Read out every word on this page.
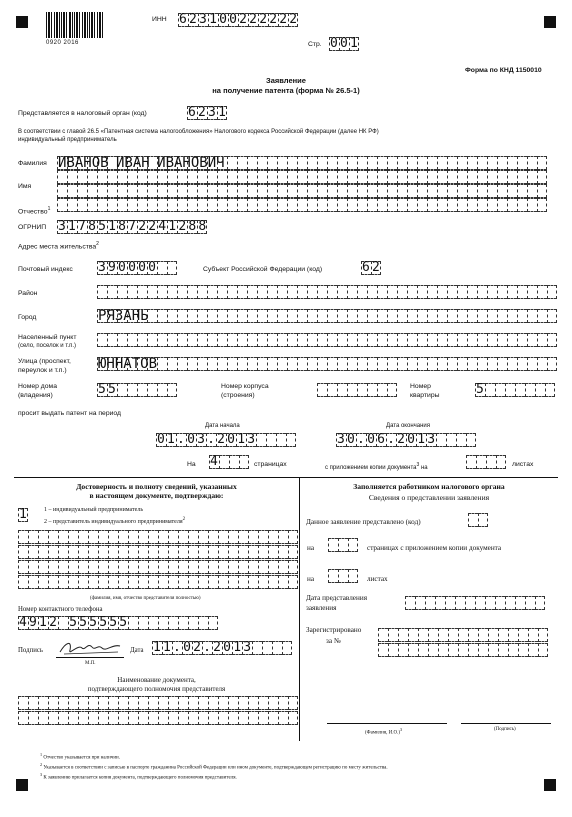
0920 2016
ИНН 623100222222
Стр. 001
Форма по КНД 1150010
Заявление
на получение патента (форма № 26.5-1)
Представляется в налоговый орган (код)	6231
В соответствии с главой 26.5 «Патентная система налогообложения» Налогового кодекса Российской Федерации (далее НК РФ)
индивидуальный предприниматель
Фамилия ИВАНОВ ИВАН ИВАНОВИЧ
Имя
Отчество$^1$
ОГРНИП 317851872241288
Адрес места жительства$^2$
Почтовый индекс 390000	Субъект Российской Федерации (код)	62
Район
Город	РЯЗАНЬ
Населенный пункт
(село, поселок и т.п.)
Улица (проспект,
переулок и т.п.) ЮННАТОВ
Номер дома
(владения)	55	Номер корпуса
(строения)
Номер
квартиры	5
просит выдать патент на период
Дата начала
01.03.2013
Дата окончания
30.06.2013
На 4	страницах	с приложением копии документа$^3$ на	листах
Достоверность и полноту сведений, указанных
в настоящем документе, подтверждаю:
1	1 – индивидуальный предприниматель
2 – представитель индивидуального предпринимателя$^2$
(фамилия, имя, отчество представителя полностью)
Номер контактного телефона
4912 555555
Подпись	Дата 11.02.2013
М.П.
Наименование документа,
подтверждающего полномочия представителя
Заполняется работником налогового органа
Сведения о представлении заявления
Данное заявление представлено (код)
на	страницах с приложением копии документа
на	листах
Дата представления
заявления
Зарегистрировано
за №
(Фамилия, И.О.)$^3$	(Подпись)
$^1$ Отчество указывается при наличии.
$^2$ Указывается в соответствии с записью в паспорте гражданина Российской Федерации или ином документе, подтверждающем регистрацию по месту жительства.
$^3$ К заявлению прилагается копия документа, подтверждающего полномочия представителя.
